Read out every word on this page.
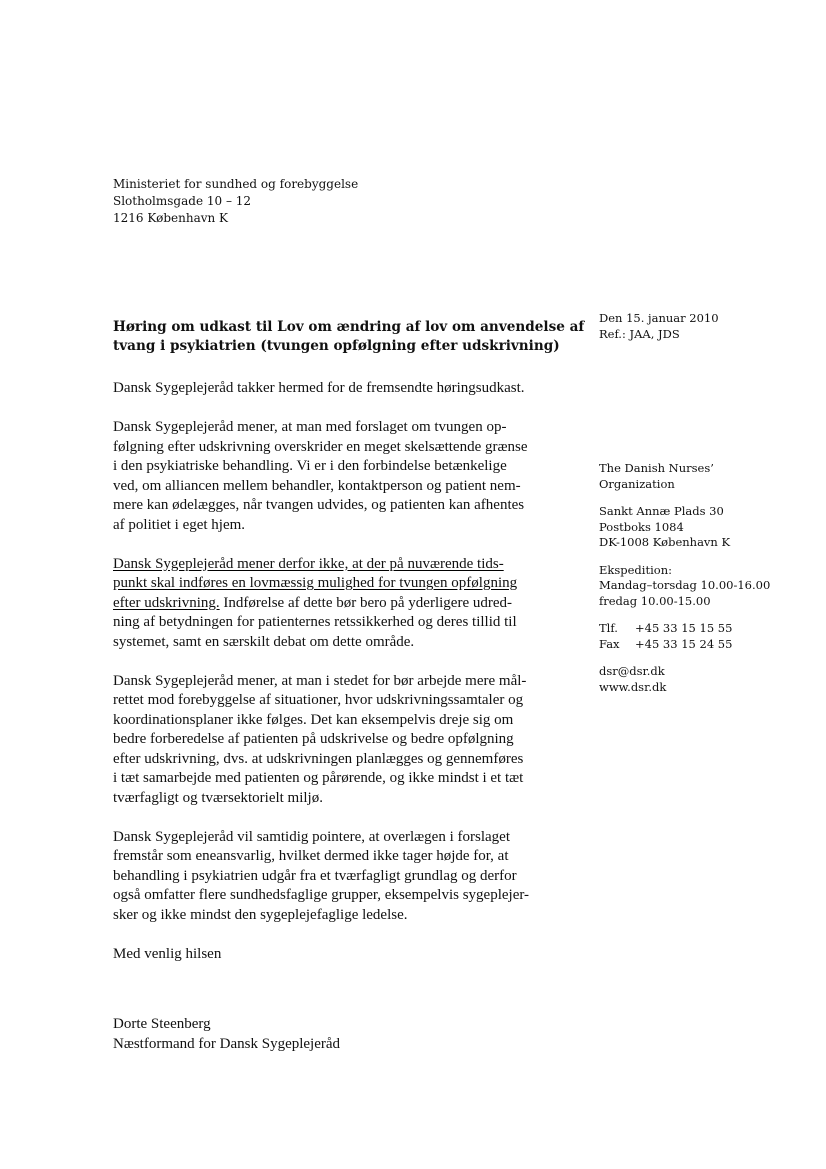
Ministeriet for sundhed og forebyggelse
Slotholmsgade 10 – 12
1216 København K
Den 15. januar 2010
Ref.: JAA, JDS
The Danish Nurses’
Organization
Sankt Annæ Plads 30
Postboks 1084
DK-1008 København K
Ekspedition:
Mandag–torsdag 10.00-16.00
fredag 10.00-15.00
Tlf.	+45 33 15 15 55
Fax	+45 33 15 24 55
dsr@dsr.dk
www.dsr.dk
Høring om udkast til Lov om ændring af lov om anvendelse af
tvang i psykiatrien (tvungen opfølgning efter udskrivning)
Dansk Sygeplejeråd takker hermed for de fremsendte høringsudkast.
Dansk Sygeplejeråd mener, at man med forslaget om tvungen op-
følgning efter udskrivning overskrider en meget skelsættende grænse
i den psykiatriske behandling. Vi er i den forbindelse betænkelige
ved, om alliancen mellem behandler, kontaktperson og patient nem-
mere kan ødelægges, når tvangen udvides, og patienten kan afhentes
af politiet i eget hjem.
Dansk Sygeplejeråd mener derfor ikke, at der på nuværende tids-
punkt skal indføres en lovmæssig mulighed for tvungen opfølgning
efter udskrivning. Indførelse af dette bør bero på yderligere udred-
ning af betydningen for patienternes retssikkerhed og deres tillid til
systemet, samt en særskilt debat om dette område.
Dansk Sygeplejeråd mener, at man i stedet for bør arbejde mere mål-
rettet mod forebyggelse af situationer, hvor udskrivningssamtaler og
koordinationsplaner ikke følges. Det kan eksempelvis dreje sig om
bedre forberedelse af patienten på udskrivelse og bedre opfølgning
efter udskrivning, dvs. at udskrivningen planlægges og gennemføres
i tæt samarbejde med patienten og pårørende, og ikke mindst i et tæt
tværfagligt og tværsektorielt miljø.
Dansk Sygeplejeråd vil samtidig pointere, at overlægen i forslaget
fremstår som eneansvarlig, hvilket dermed ikke tager højde for, at
behandling i psykiatrien udgår fra et tværfagligt grundlag og derfor
også omfatter flere sundhedsfaglige grupper, eksempelvis sygeplejer-
sker og ikke mindst den sygeplejefaglige ledelse.
Med venlig hilsen
Dorte Steenberg
Næstformand for Dansk Sygeplejeråd
